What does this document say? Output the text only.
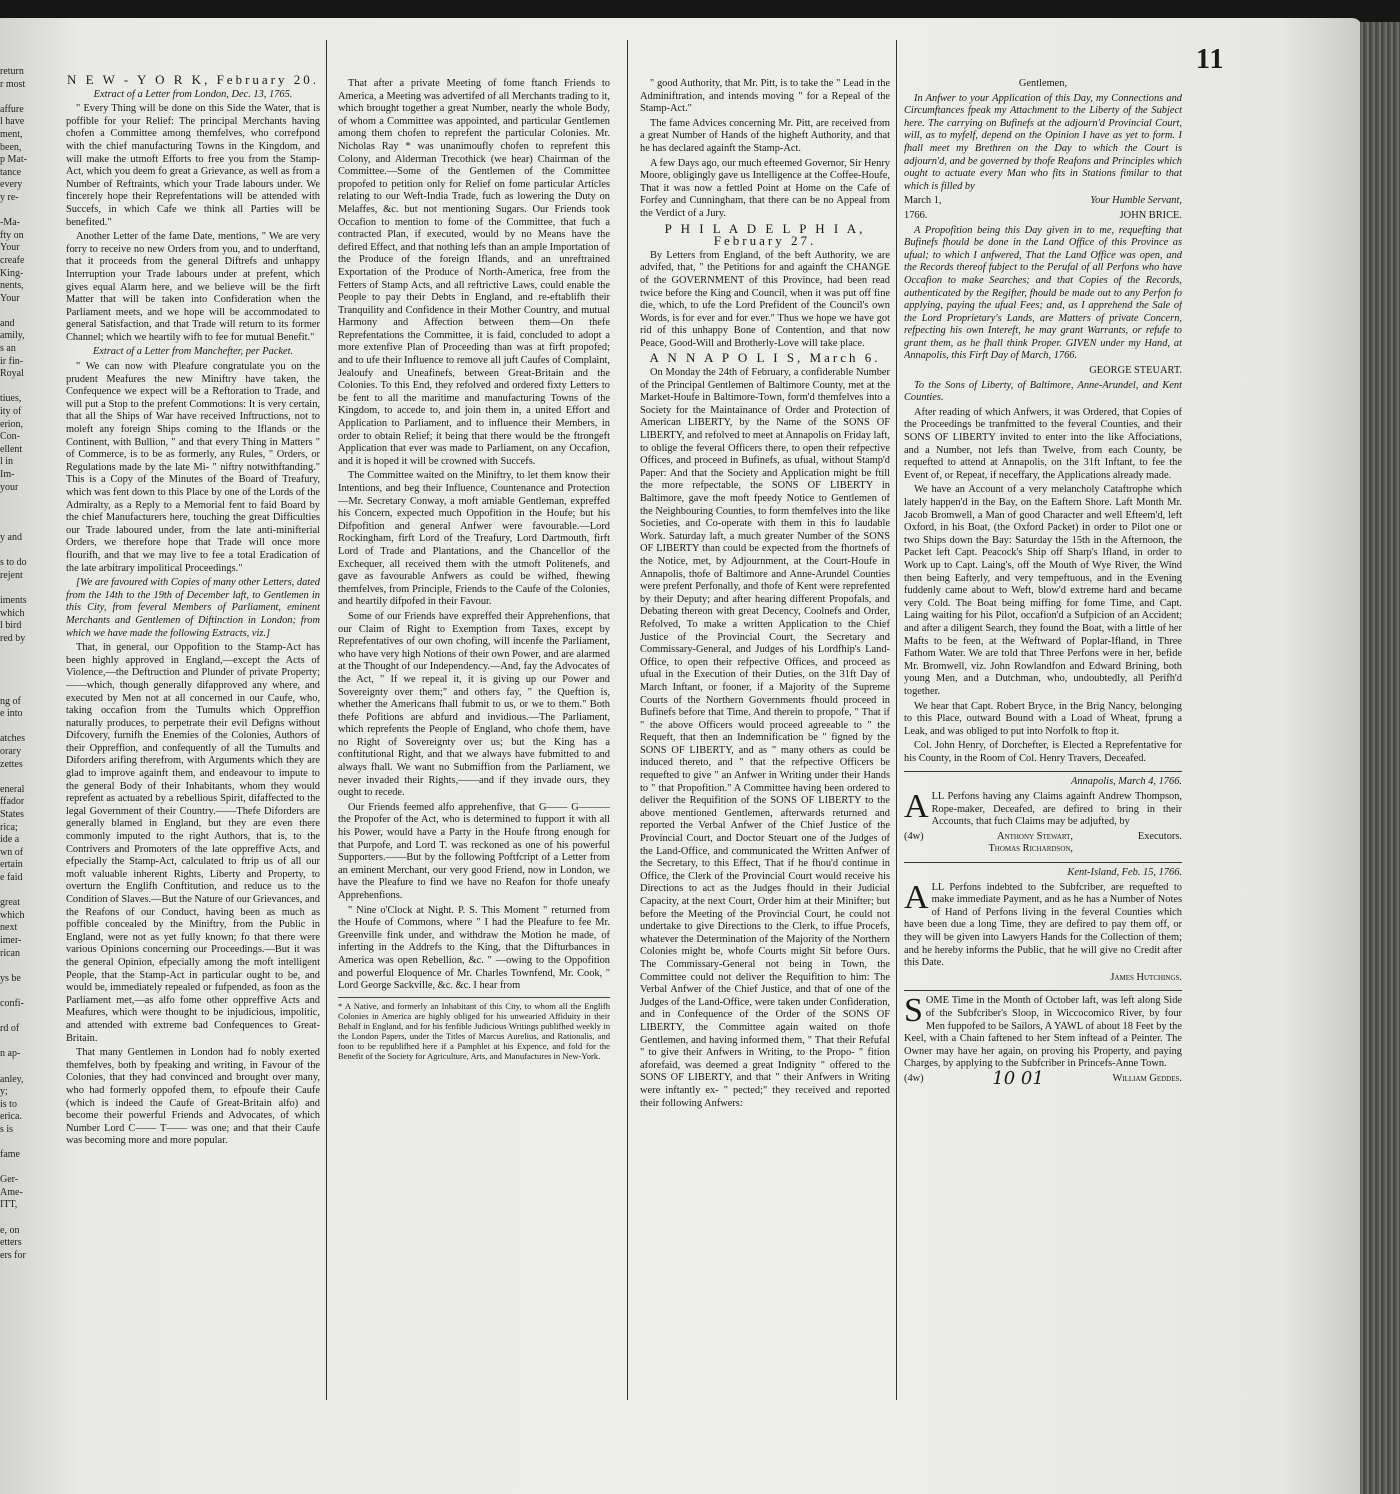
11
return
r most
affure
l have
ment,
been,
p Mat-
tance
every
y re-
-Ma-
fty on
Your
creafe
King-
nents,
Your
and
amily,
s an
ir fin-
Royal
tiues,
ity of
erion,
Con-
ellent
l in
Im-
your
y and
s to do
rejent
iments
which
l bird
red by
ng of
e into
atches
orary
zettes
eneral
ffador
States
rica;
ide a
wn of
ertain
e faid
great
which
next
imer-
rican
ys be
confi-
rd of
n ap-
anley,
y;
is to
erica.
s is
fame
Ger-
Ame-
ITT,
e, on
etters
ers for
N E W - Y O R K, February 20.

Extract of a Letter from London, Dec. 13, 1765.

" Every Thing will be done on this Side the Water, that is poffible for your Relief: The principal Merchants having chofen a Committee among themfelves, who correfpond with the chief manufacturing Towns in the Kingdom, and will make the utmoft Efforts to free you from the Stamp-Act, which you deem fo great a Grievance, as well as from a Number of Reftraints, which your Trade labours under. We fincerely hope their Reprefentations will be attended with Succefs, in which Cafe we think all Parties will be benefited."

Another Letter of the fame Date, mentions, " We are very forry to receive no new Orders from you, and to underftand, that it proceeds from the general Diftrefs and unhappy Interruption your Trade labours under at prefent, which gives equal Alarm here, and we believe will be the firft Matter that will be taken into Confideration when the Parliament meets, and we hope will be accommodated to general Satisfaction, and that Trade will return to its former Channel; which we heartily wifh to fee for mutual Benefit."

Extract of a Letter from Manchefter, per Packet.

" We can now with Pleafure congratulate you on the prudent Meafures the new Miniftry have taken, the Confequence we expect will be a Reftoration to Trade, and will put a Stop to the prefent Commotions: It is very certain, that all the Ships of War have received Inftructions, not to moleft any foreign Ships coming to the Iflands or the Continent, with Bullion, " and that every Thing in Matters " of Commerce, is to be as formerly, any Rules, " Orders, or Regulations made by the late Mi- " niftry notwithftanding." This is a Copy of the Minutes of the Board of Treafury, which was fent down to this Place by one of the Lords of the Admiralty, as a Reply to a Memorial fent to faid Board by the chief Manufacturers here, touching the great Difficulties our Trade laboured under, from the late anti-minifterial Orders, we therefore hope that Trade will once more flourifh, and that we may live to fee a total Eradication of the late arbitrary impolitical Proceedings."

[We are favoured with Copies of many other Letters, dated from the 14th to the 19th of December laft, to Gentlemen in this City, from feveral Members of Parliament, eminent Merchants and Gentlemen of Diftinction in London; from which we have made the following Extracts, viz.]

That, in general, our Oppofition to the Stamp-Act has been highly approved in England,—except the Acts of Violence,—the Deftruction and Plunder of private Property;——which, though generally difapproved any where, and executed by Men not at all concerned in our Caufe, who, taking occafion from the Tumults which Oppreffion naturally produces, to perpetrate their evil Defigns without Difcovery, furnifh the Enemies of the Colonies, Authors of their Oppreffion, and confequently of all the Tumults and Diforders arifing therefrom, with Arguments which they are glad to improve againft them, and endeavour to impute to the general Body of their Inhabitants, whom they would reprefent as actuated by a rebellious Spirit, difaffected to the legal Government of their Country.——Thefe Diforders are generally blamed in England, but they are even there commonly imputed to the right Authors, that is, to the Contrivers and Promoters of the late oppreffive Acts, and efpecially the Stamp-Act, calculated to ftrip us of all our moft valuable inherent Rights, Liberty and Property, to overturn the Englifh Conftitution, and reduce us to the Condition of Slaves.—But the Nature of our Grievances, and the Reafons of our Conduct, having been as much as poffible concealed by the Miniftry, from the Public in England, were not as yet fully known; fo that there were various Opinions concerning our Proceedings.—But it was the general Opinion, efpecially among the moft intelligent People, that the Stamp-Act in particular ought to be, and would be, immediately repealed or fufpended, as foon as the Parliament met,—as alfo fome other oppreffive Acts and Meafures, which were thought to be injudicious, impolitic, and attended with extreme bad Confequences to Great-Britain.

That many Gentlemen in London had fo nobly exerted themfelves, both by fpeaking and writing, in Favour of the Colonies, that they had convinced and brought over many, who had formerly oppofed them, to efpoufe their Caufe (which is indeed the Caufe of Great-Britain alfo) and become their powerful Friends and Advocates, of which Number Lord C—— T—— was one; and that their Caufe was becoming more and more popular.

That after a private Meeting of fome ftanch Friends to America, a Meeting was advertifed of all Merchants trading to it, which brought together a great Number, nearly the whole Body, of whom a Committee was appointed, and particular Gentlemen among them chofen to reprefent the particular Colonies. Mr. Nicholas Ray * was unanimoufly chofen to reprefent this Colony, and Alderman Trecothick (we hear) Chairman of the Committee.—Some of the Gentlemen of the Committee propofed to petition only for Relief on fome particular Articles relating to our Weft-India Trade, fuch as lowering the Duty on Melaffes, &c. but not mentioning Sugars. Our Friends took Occafion to mention to fome of the Committee, that fuch a contracted Plan, if executed, would by no Means have the defired Effect, and that nothing lefs than an ample Importation of the Produce of the foreign Iflands, and an unreftrained Exportation of the Produce of North-America, free from the Fetters of Stamp Acts, and all reftrictive Laws, could enable the People to pay their Debts in England, and re-eftablifh their Tranquility and Confidence in their Mother Country, and mutual Harmony and Affection between them—On thefe Reprefentations the Committee, it is faid, concluded to adopt a more extenfive Plan of Proceeding than was at firft propofed; and to ufe their Influence to remove all juft Caufes of Complaint, Jealoufy and Uneafinefs, between Great-Britain and the Colonies. To this End, they refolved and ordered fixty Letters to be fent to all the maritime and manufacturing Towns of the Kingdom, to accede to, and join them in, a united Effort and Application to Parliament, and to influence their Members, in order to obtain Relief; it being that there would be the ftrongeft Application that ever was made to Parliament, on any Occafion, and it is hoped it will be crowned with Succefs.

The Committee waited on the Miniftry, to let them know their Intentions, and beg their Influence, Countenance and Protection—Mr. Secretary Conway, a moft amiable Gentleman, expreffed his Concern, expected much Oppofition in the Houfe; but his Difpofition and general Anfwer were favourable.—Lord Rockingham, firft Lord of the Treafury, Lord Dartmouth, firft Lord of Trade and Plantations, and the Chancellor of the Exchequer, all received them with the utmoft Politenefs, and gave as favourable Anfwers as could be wifhed, fhewing themfelves, from Principle, Friends to the Caufe of the Colonies, and heartily difpofed in their Favour.

Some of our Friends have expreffed their Apprehenfions, that our Claim of Right to Exemption from Taxes, except by Reprefentatives of our own chofing, will incenfe the Parliament, who have very high Notions of their own Power, and are alarmed at the Thought of our Independency.—And, fay the Advocates of the Act, " If we repeal it, it is giving up our Power and Sovereignty over them;" and others fay, " the Queftion is, whether the Americans fhall fubmit to us, or we to them." Both thefe Pofitions are abfurd and invidious.—The Parliament, which reprefents the People of England, who chofe them, have no Right of Sovereignty over us; but the King has a conftitutional Right, and that we always have fubmitted to and always fhall. We want no Submiffion from the Parliament, we never invaded their Rights,——and if they invade ours, they ought to recede.

Our Friends feemed alfo apprehenfive, that G—— G——— the Propofer of the Act, who is determined to fupport it with all his Power, would have a Party in the Houfe ftrong enough for that Purpofe, and Lord T. was reckoned as one of his powerful Supporters.——But by the following Poftfcript of a Letter from an eminent Merchant, our very good Friend, now in London, we have the Pleafure to find we have no Reafon for thofe uneafy Apprehenfions.

" Nine o'Clock at Night. P. S. This Moment " returned from the Houfe of Commons, where " I had the Pleafure to fee Mr. Greenville fink under, and withdraw the Motion he made, of inferting in the Addrefs to the King, that the Difturbances in America was open Rebellion, &c. " —owing to the Oppofition and powerful Eloquence of Mr. Charles Townfend, Mr. Cook, " Lord George Sackville, &c. &c. I hear from

* A Native, and formerly an Inhabitant of this City, to whom all the Englifh Colonies in America are highly obliged for his unwearied Affiduity in their Behalf in England, and for his fenfible Judicious Writings publifhed weekly in the London Papers, under the Titles of Marcus Aurelius, and Rationalis, and foon to be republifhed here if a Pamphlet at his Expence, and fold for the Benefit of the Society for Agriculture, Arts, and Manufactures in New-York.

" good Authority, that Mr. Pitt, is to take the " Lead in the Adminiftration, and intends moving " for a Repeal of the Stamp-Act."

The fame Advices concerning Mr. Pitt, are received from a great Number of Hands of the higheft Authority, and that he has declared againft the Stamp-Act.

A few Days ago, our much efteemed Governor, Sir Henry Moore, obligingly gave us Intelligence at the Coffee-Houfe, That it was now a fettled Point at Home on the Cafe of Forfey and Cunningham, that there can be no Appeal from the Verdict of a Jury.

P H I L A D E L P H I A, February 27.

By Letters from England, of the beft Authority, we are advifed, that, " the Petitions for and againft the CHANGE of the GOVERNMENT of this Province, had been read twice before the King and Council, when it was put off fine die, which, to ufe the Lord Prefident of the Council's own Words, is for ever and for ever." Thus we hope we have got rid of this unhappy Bone of Contention, and that now Peace, Good-Will and Brotherly-Love will take place.

A N N A P O L I S, March 6.

On Monday the 24th of February, a confiderable Number of the Principal Gentlemen of Baltimore County, met at the Market-Houfe in Baltimore-Town, form'd themfelves into a Society for the Maintainance of Order and Protection of American LIBERTY, by the Name of the SONS OF LIBERTY, and refolved to meet at Annapolis on Friday laft, to oblige the feveral Officers there, to open their refpective Offices, and proceed in Bufinefs, as ufual, without Stamp'd Paper: And that the Society and Application might be ftill the more refpectable, the SONS OF LIBERTY in Baltimore, gave the moft fpeedy Notice to Gentlemen of the Neighbouring Counties, to form themfelves into the like Societies, and Co-operate with them in this fo laudable Work. Saturday laft, a much greater Number of the SONS OF LIBERTY than could be expected from the fhortnefs of the Notice, met, by Adjournment, at the Court-Houfe in Annapolis, thofe of Baltimore and Anne-Arundel Counties were prefent Perfonally, and thofe of Kent were reprefented by their Deputy; and after hearing different Propofals, and Debating thereon with great Decency, Coolnefs and Order, Refolved, To make a written Application to the Chief Justice of the Provincial Court, the Secretary and Commissary-General, and Judges of his Lordfhip's Land-Office, to open their refpective Offices, and proceed as ufual in the Execution of their Duties, on the 31ft Day of March Inftant, or fooner, if a Majority of the Supreme Courts of the Northern Governments fhould proceed in Bufinefs before that Time. And therein to propofe, " That if " the above Officers would proceed agreeable to " the Requeft, that then an Indemnification be " figned by the SONS OF LIBERTY, and as " many others as could be induced thereto, and " that the refpective Officers be requefted to give " an Anfwer in Writing under their Hands to " that Propofition." A Committee having been ordered to deliver the Requifition of the SONS OF LIBERTY to the above mentioned Gentlemen, afterwards returned and reported the Verbal Anfwer of the Chief Justice of the Provincial Court, and Doctor Steuart one of the Judges of the Land-Office, and communicated the Written Anfwer of the Secretary, to this Effect, That if he fhou'd continue in Office, the Clerk of the Provincial Court would receive his Directions to act as the Judges fhould in their Judicial Capacity, at the next Court, Order him at their Minifter; but before the Meeting of the Provincial Court, he could not undertake to give Directions to the Clerk, to iffue Procefs, whatever the Determination of the Majority of the Northern Colonies might be, whofe Courts might Sit before Ours. The Commissary-General not being in Town, the Committee could not deliver the Requifition to him: The Verbal Anfwer of the Chief Justice, and that of one of the Judges of the Land-Office, were taken under Confideration, and in Confequence of the Order of the SONS OF LIBERTY, the Committee again waited on thofe Gentlemen, and having informed them, " That their Refufal " to give their Anfwers in Writing, to the Propo- " fition aforefaid, was deemed a great Indignity " offered to the SONS OF LIBERTY, and that " their Anfwers in Writing were inftantly ex- " pected;" they received and reported their following Anfwers:

Gentlemen,

In Anfwer to your Application of this Day, my Connections and Circumftances fpeak my Attachment to the Liberty of the Subject here. The carrying on Bufinefs at the adjourn'd Provincial Court, will, as to myfelf, depend on the Opinion I have as yet to form. I fhall meet my Brethren on the Day to which the Court is adjourn'd, and be governed by thofe Reafons and Principles which ought to actuate every Man who fits in Stations fimilar to that which is filled by

March 1,	Your Humble Servant,
1766.	JOHN BRICE.

A Propofition being this Day given in to me, requefting that Bufinefs fhould be done in the Land Office of this Province as ufual; to which I anfwered, That the Land Office was open, and the Records thereof fubject to the Perufal of all Perfons who have Occafion to make Searches; and that Copies of the Records, authenticated by the Regifter, fhould be made out to any Perfon fo applying, paying the ufual Fees; and, as I apprehend the Sale of the Lord Proprietary's Lands, are Matters of private Concern, refpecting his own Intereft, he may grant Warrants, or refufe to grant them, as he fhall think Proper. GIVEN under my Hand, at Annapolis, this Firft Day of March, 1766.

GEORGE STEUART.

To the Sons of Liberty, of Baltimore, Anne-Arundel, and Kent Counties.

After reading of which Anfwers, it was Ordered, that Copies of the Proceedings be tranfmitted to the feveral Counties, and their SONS OF LIBERTY invited to enter into the like Affociations, and a Number, not lefs than Twelve, from each County, be requefted to attend at Annapolis, on the 31ft Inftant, to fee the Event of, or Repeat, if neceffary, the Applications already made.

We have an Account of a very melancholy Cataftrophe which lately happen'd in the Bay, on the Eaftern Shore. Laft Month Mr. Jacob Bromwell, a Man of good Character and well Efteem'd, left Oxford, in his Boat, (the Oxford Packet) in order to Pilot one or two Ships down the Bay: Saturday the 15th in the Afternoon, the Packet left Capt. Peacock's Ship off Sharp's Ifland, in order to Work up to Capt. Laing's, off the Mouth of Wye River, the Wind then being Eafterly, and very tempeftuous, and in the Evening fuddenly came about to Weft, blow'd extreme hard and became very Cold. The Boat being miffing for fome Time, and Capt. Laing waiting for his Pilot, occafion'd a Sufpicion of an Accident; and after a diligent Search, they found the Boat, with a little of her Mafts to be feen, at the Weftward of Poplar-Ifland, in Three Fathom Water. We are told that Three Perfons were in her, befide Mr. Bromwell, viz. John Rowlandfon and Edward Brining, both young Men, and a Dutchman, who, undoubtedly, all Perifh'd together.

We hear that Capt. Robert Bryce, in the Brig Nancy, belonging to this Place, outward Bound with a Load of Wheat, fprung a Leak, and was obliged to put into Norfolk to ftop it.

Col. John Henry, of Dorchefter, is Elected a Reprefentative for his County, in the Room of Col. Henry Travers, Deceafed.

Annapolis, March 4, 1766.

ALL Perfons having any Claims againft Andrew Thompson, Rope-maker, Deceafed, are defired to bring in their Accounts, that fuch Claims may be adjufted, by

(4w)	Anthony Stewart,
Thomas Richardson,
Executors.

Kent-Island, Feb. 15, 1766.

ALL Perfons indebted to the Subfcriber, are requefted to make immediate Payment, and as he has a Number of Notes of Hand of Perfons living in the feveral Counties which have been due a long Time, they are defired to pay them off, or they will be given into Lawyers Hands for the Collection of them; and he hereby informs the Public, that he will give no Credit after this Date.

James Hutchings.

SOME Time in the Month of October laft, was left along Side of the Subfcriber's Sloop, in Wiccocomico River, by four Men fuppofed to be Sailors, A YAWL of about 18 Feet by the Keel, with a Chain faftened to her Stem inftead of a Peinter. The Owner may have her again, on proving his Property, and paying Charges, by applying to the Subfcriber in Princefs-Anne Town.

(4w)	10 01	William Geddes.
